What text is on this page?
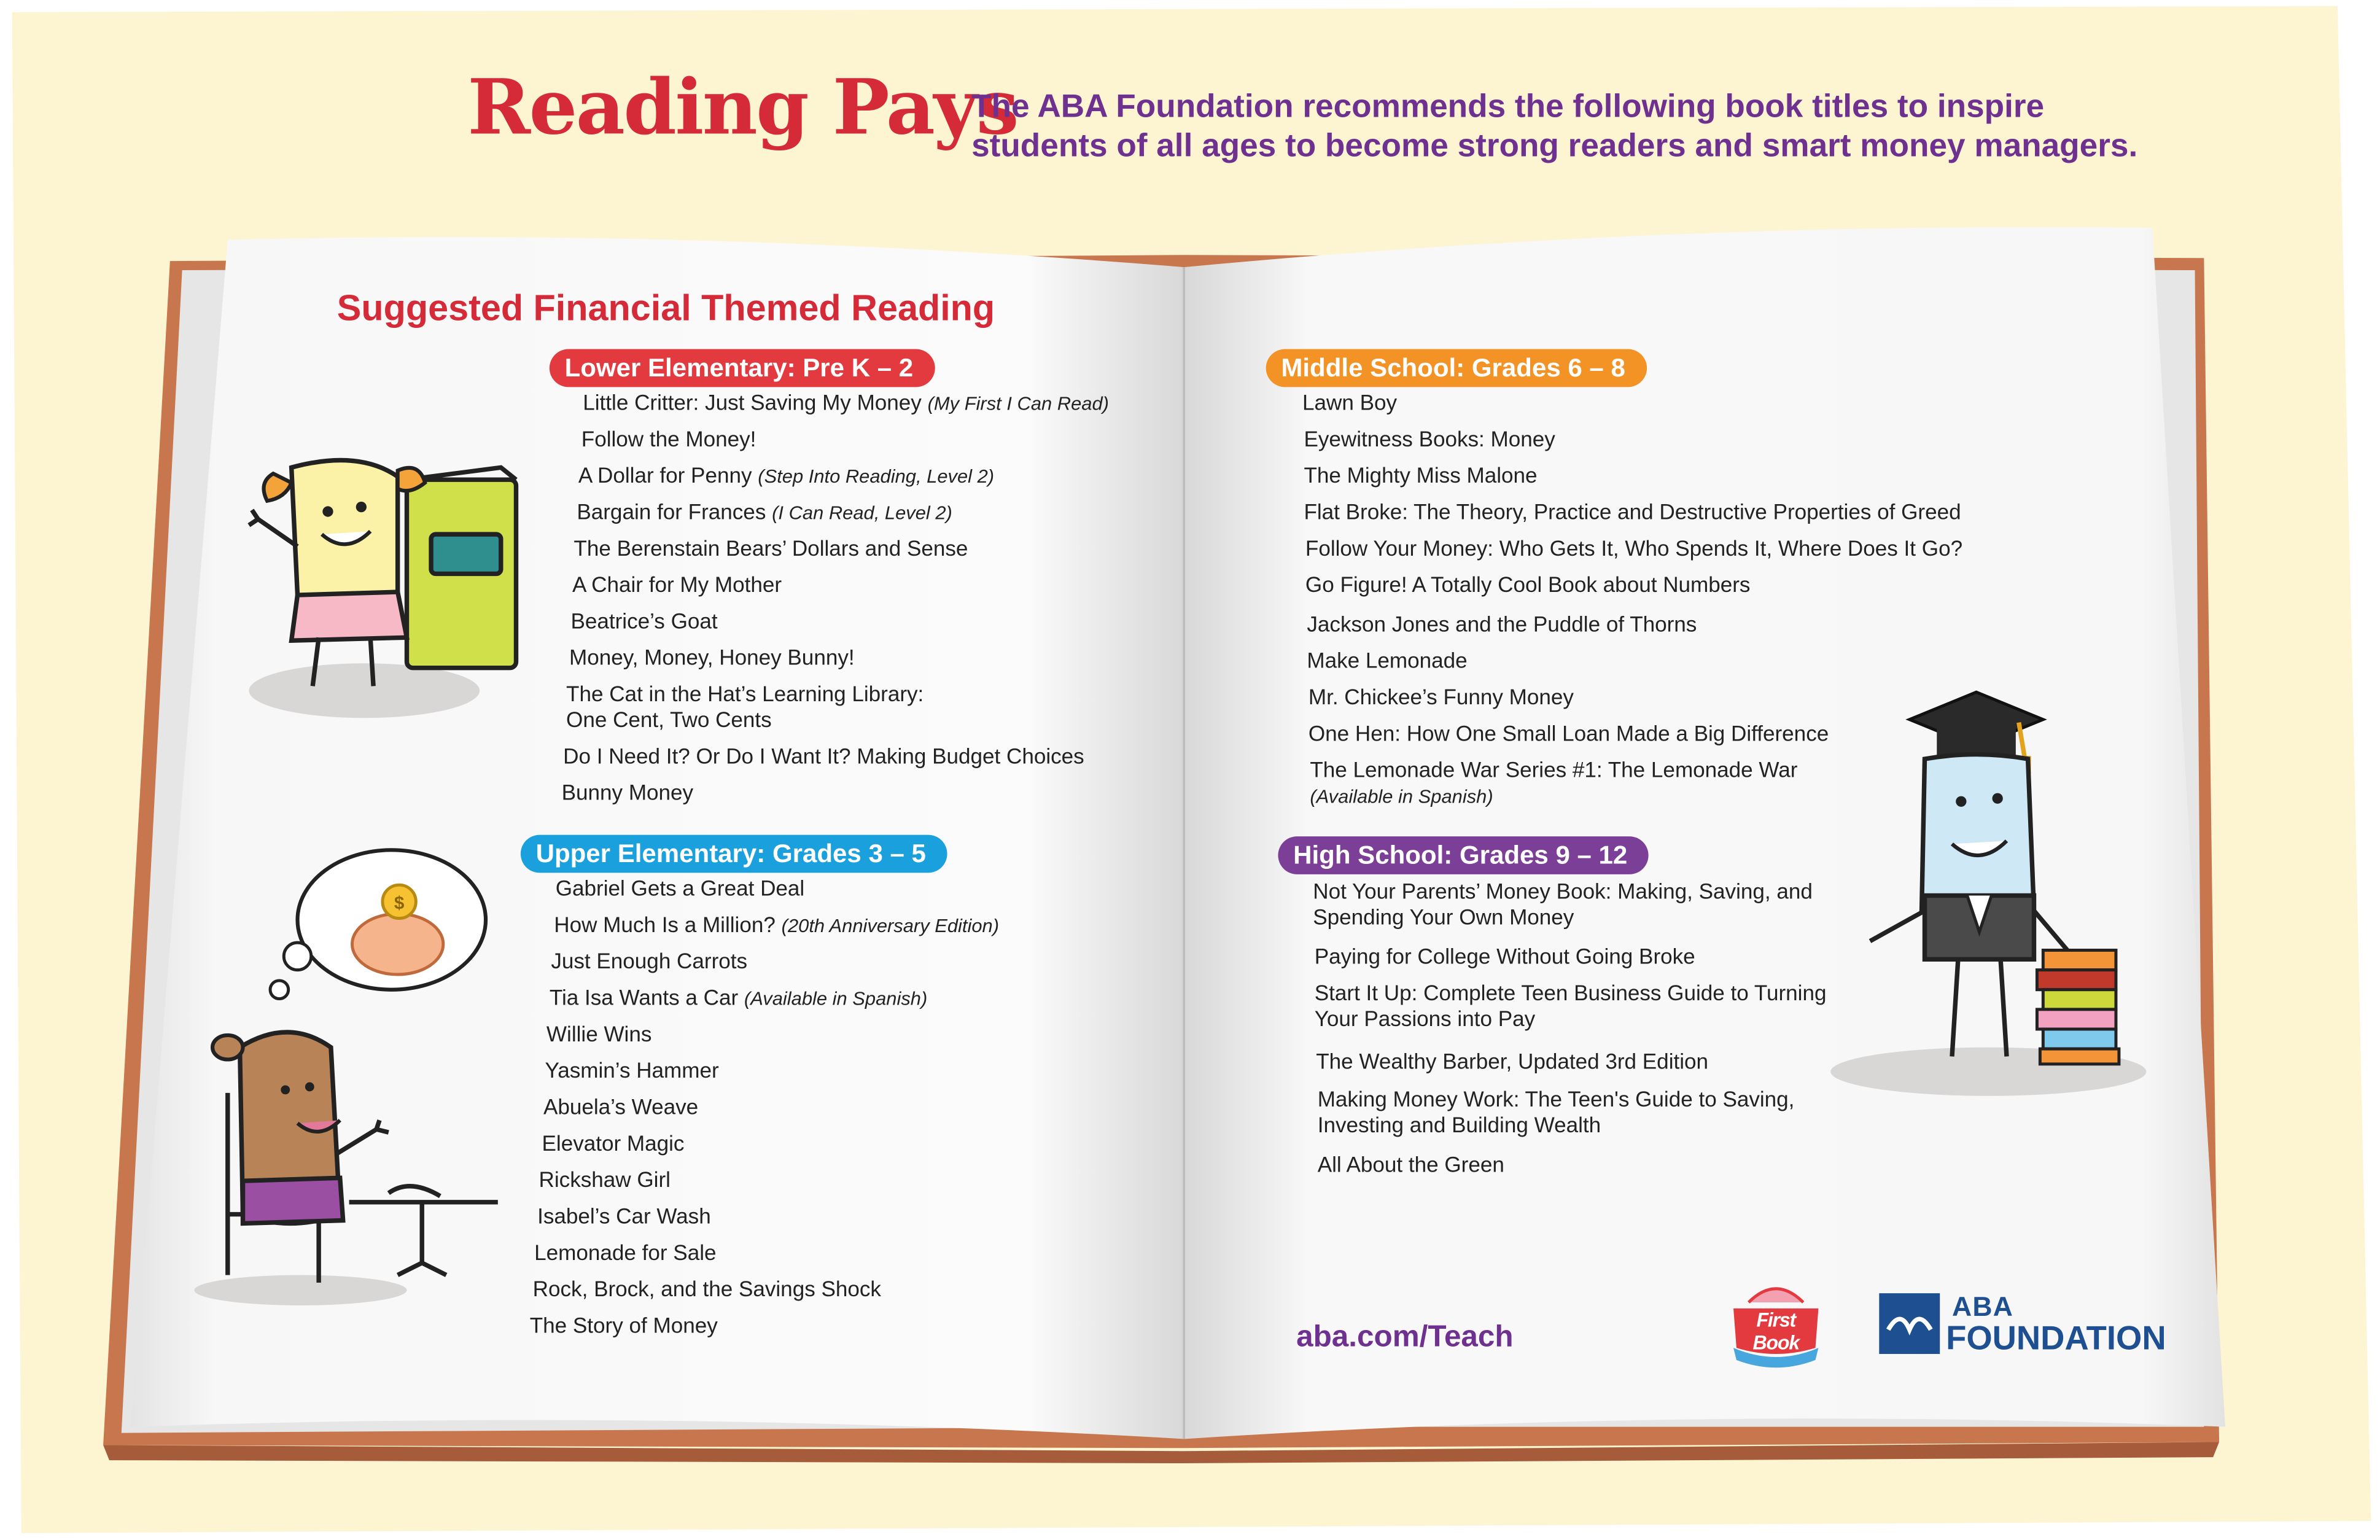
$
Reading Pays
The ABA Foundation recommends the following book titles to inspire
students of all ages to become strong readers and smart money managers.
Suggested Financial Themed Reading
Lower Elementary: Pre K – 2
Little Critter: Just Saving My Money (My First I Can Read)
Follow the Money!
A Dollar for Penny (Step Into Reading, Level 2)
Bargain for Frances (I Can Read, Level 2)
The Berenstain Bears’ Dollars and Sense
A Chair for My Mother
Beatrice’s Goat
Money, Money, Honey Bunny!
The Cat in the Hat’s Learning Library:
One Cent, Two Cents
Do I Need It? Or Do I Want It? Making Budget Choices
Bunny Money
Upper Elementary: Grades 3 – 5
Gabriel Gets a Great Deal
How Much Is a Million? (20th Anniversary Edition)
Just Enough Carrots
Tia Isa Wants a Car (Available in Spanish)
Willie Wins
Yasmin’s Hammer
Abuela’s Weave
Elevator Magic
Rickshaw Girl
Isabel’s Car Wash
Lemonade for Sale
Rock, Brock, and the Savings Shock
The Story of Money
Middle School: Grades 6 – 8
Lawn Boy
Eyewitness Books: Money
The Mighty Miss Malone
Flat Broke: The Theory, Practice and Destructive Properties of Greed
Follow Your Money: Who Gets It, Who Spends It, Where Does It Go?
Go Figure! A Totally Cool Book about Numbers
Jackson Jones and the Puddle of Thorns
Make Lemonade
Mr. Chickee’s Funny Money
One Hen: How One Small Loan Made a Big Difference
The Lemonade War Series #1: The Lemonade War
(Available in Spanish)
High School: Grades 9 – 12
Not Your Parents’ Money Book: Making, Saving, and
Spending Your Own Money
Paying for College Without Going Broke
Start It Up: Complete Teen Business Guide to Turning
Your Passions into Pay
The Wealthy Barber, Updated 3rd Edition
Making Money Work: The Teen's Guide to Saving,
Investing and Building Wealth
All About the Green
aba.com/Teach
First Book
ABA
FOUNDATION
